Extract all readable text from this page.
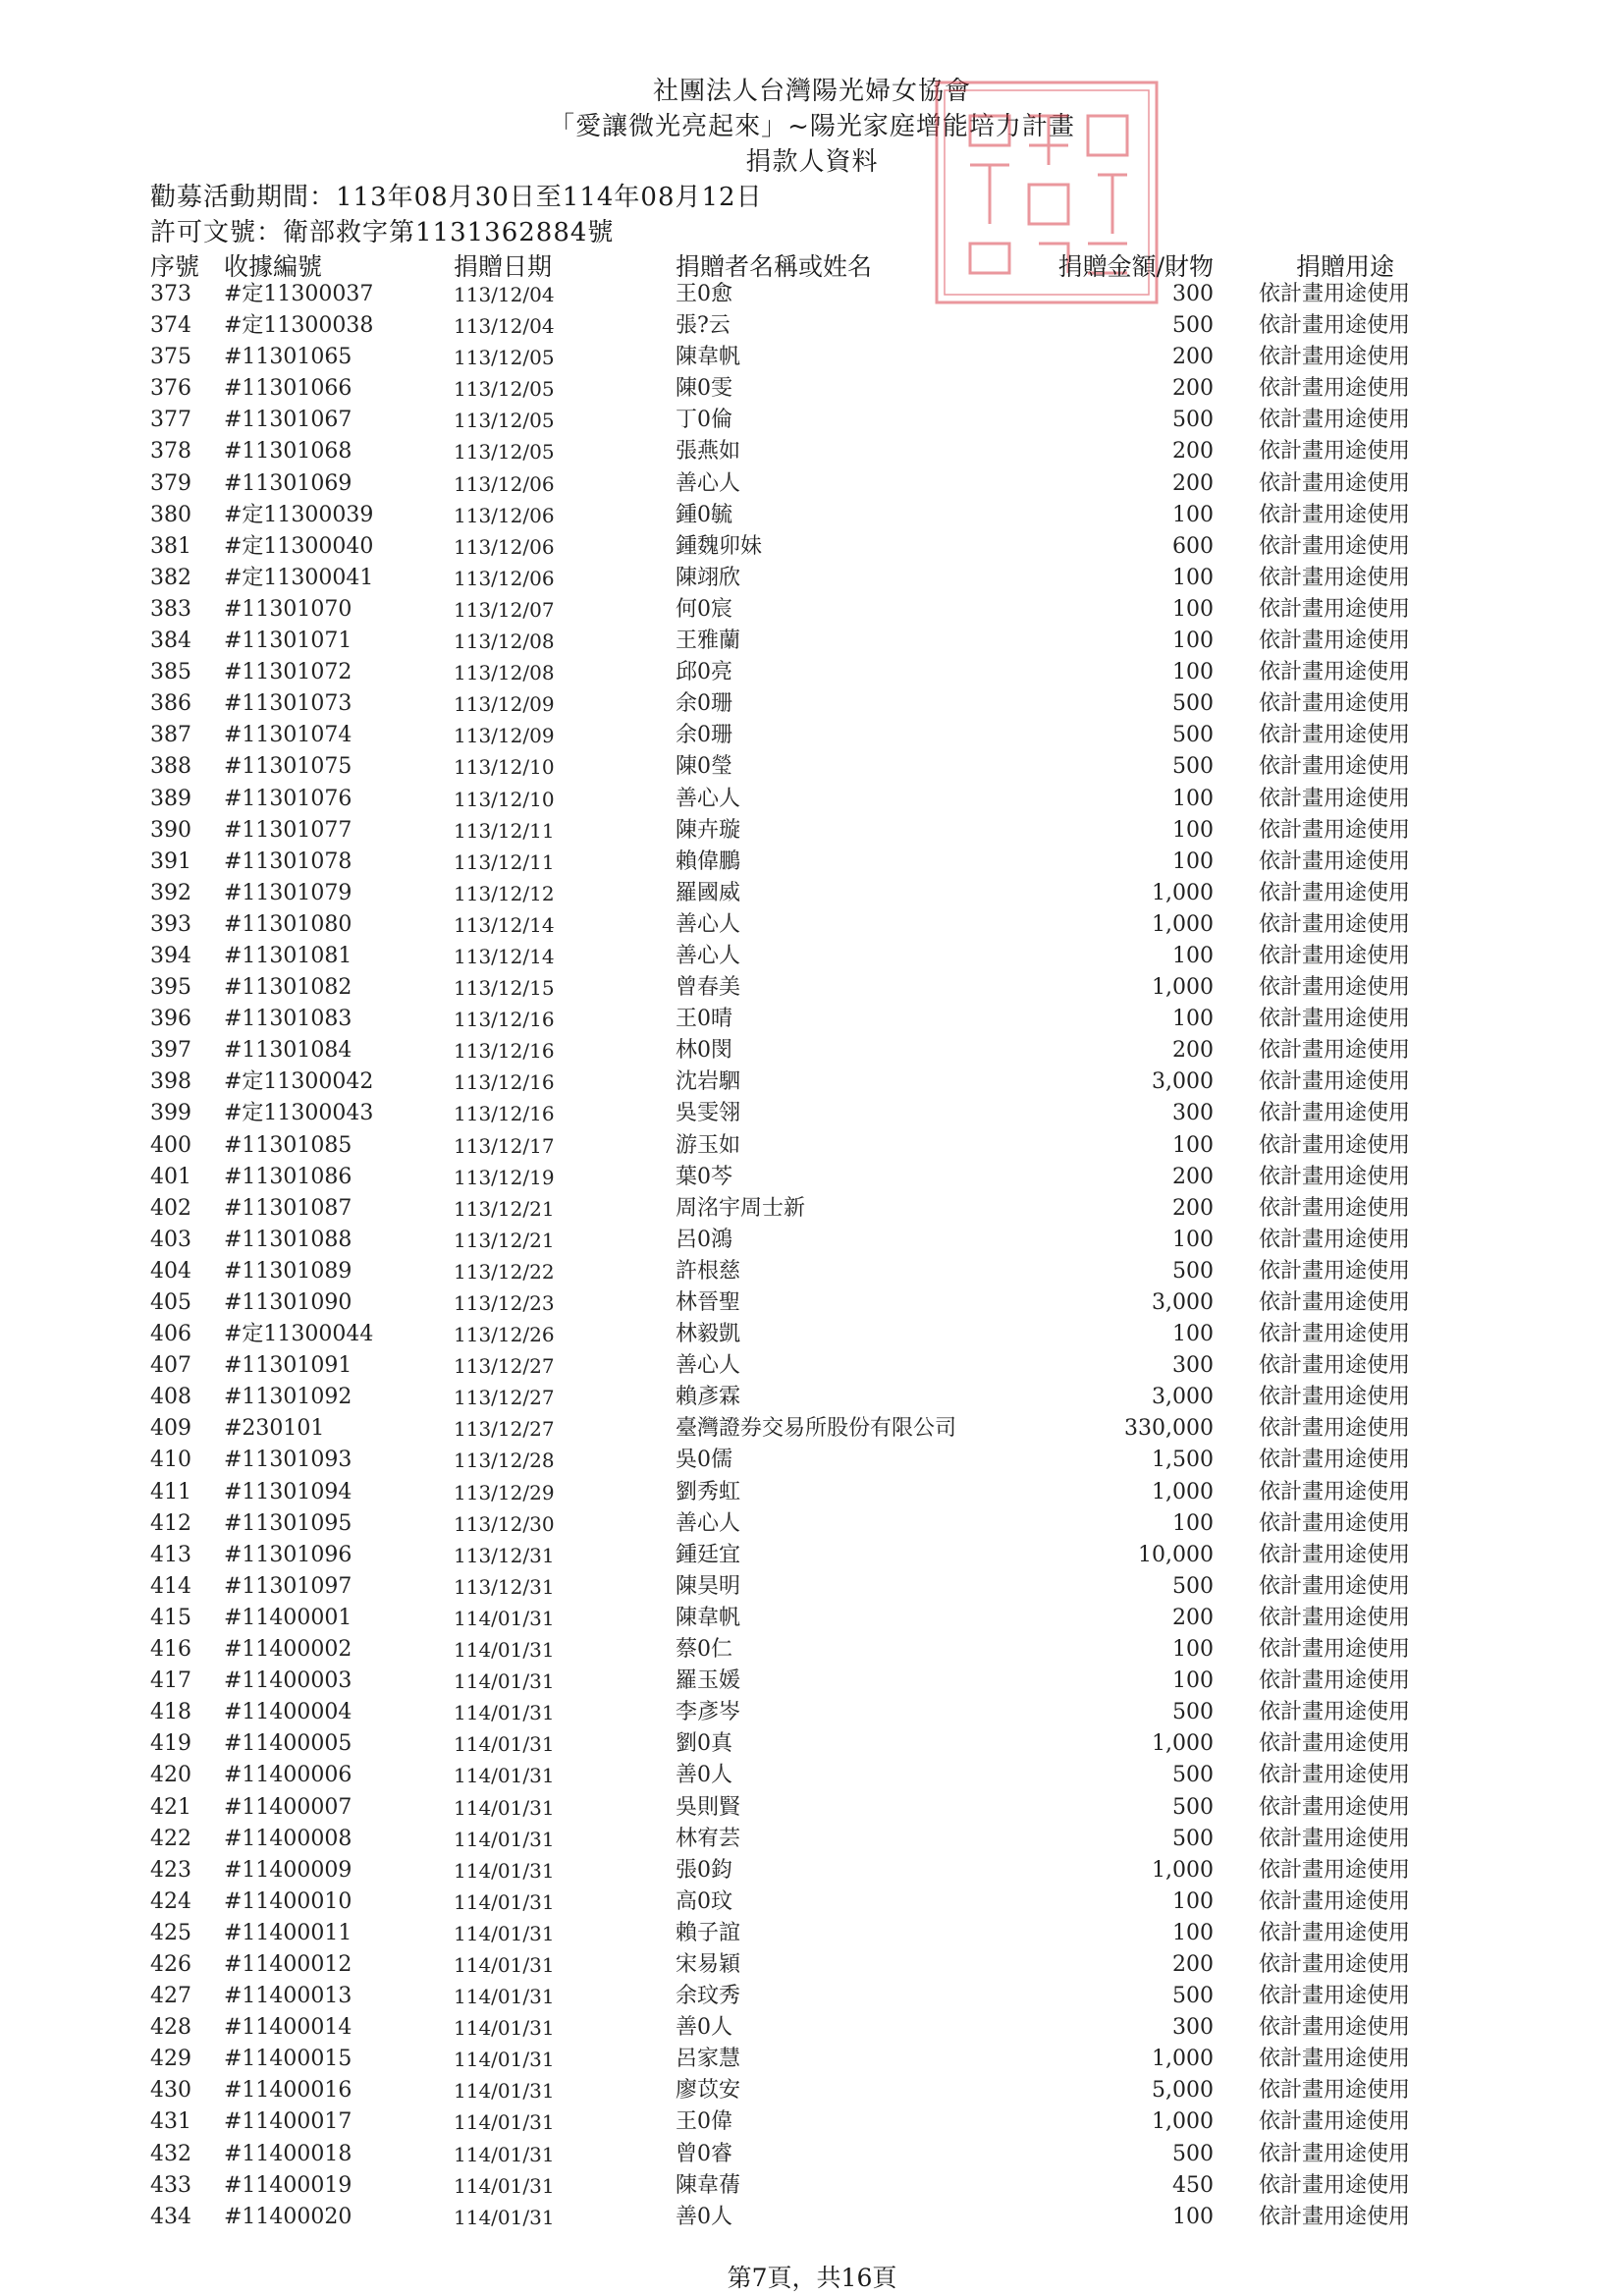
社團法人台灣陽光婦女協會
「愛讓微光亮起來」~陽光家庭增能培力計畫
捐款人資料
勸募活動期間：113年08月30日至114年08月12日
許可文號：衛部救字第1131362884號
序號 收據編號	捐贈日期	捐贈者名稱或姓名	捐贈金額/財物	捐贈用途
373 #定11300037	113/12/04	王0愈	300 依計畫用途使用
374 #定11300038	113/12/04	張?云	500 依計畫用途使用
375 #11301065	113/12/05	陳韋帆	200 依計畫用途使用
376 #11301066	113/12/05	陳0雯	200 依計畫用途使用
377 #11301067	113/12/05	丁0倫	500 依計畫用途使用
378 #11301068	113/12/05	張燕如	200 依計畫用途使用
379 #11301069	113/12/06	善心人	200 依計畫用途使用
380 #定11300039	113/12/06	鍾0毓	100 依計畫用途使用
381 #定11300040	113/12/06	鍾魏卯妹	600 依計畫用途使用
382 #定11300041	113/12/06	陳翊欣	100 依計畫用途使用
383 #11301070	113/12/07	何0宸	100 依計畫用途使用
384 #11301071	113/12/08	王雅蘭	100 依計畫用途使用
385 #11301072	113/12/08	邱0亮	100 依計畫用途使用
386 #11301073	113/12/09	余0珊	500 依計畫用途使用
387 #11301074	113/12/09	余0珊	500 依計畫用途使用
388 #11301075	113/12/10	陳0瑩	500 依計畫用途使用
389 #11301076	113/12/10	善心人	100 依計畫用途使用
390 #11301077	113/12/11	陳卉璇	100 依計畫用途使用
391 #11301078	113/12/11	賴偉鵬	100 依計畫用途使用
392 #11301079	113/12/12	羅國威	1,000 依計畫用途使用
393 #11301080	113/12/14	善心人	1,000 依計畫用途使用
394 #11301081	113/12/14	善心人	100 依計畫用途使用
395 #11301082	113/12/15	曾春美	1,000 依計畫用途使用
396 #11301083	113/12/16	王0晴	100 依計畫用途使用
397 #11301084	113/12/16	林0閔	200 依計畫用途使用
398 #定11300042	113/12/16	沈岩駟	3,000 依計畫用途使用
399 #定11300043	113/12/16	吳雯翎	300 依計畫用途使用
400 #11301085	113/12/17	游玉如	100 依計畫用途使用
401 #11301086	113/12/19	葉0芩	200 依計畫用途使用
402 #11301087	113/12/21	周洺宇周士新	200 依計畫用途使用
403 #11301088	113/12/21	呂0鴻	100 依計畫用途使用
404 #11301089	113/12/22	許根慈	500 依計畫用途使用
405 #11301090	113/12/23	林晉聖	3,000 依計畫用途使用
406 #定11300044	113/12/26	林毅凱	100 依計畫用途使用
407 #11301091	113/12/27	善心人	300 依計畫用途使用
408 #11301092	113/12/27	賴彥霖	3,000 依計畫用途使用
409 #230101	113/12/27	臺灣證券交易所股份有限公司	330,000 依計畫用途使用
410 #11301093	113/12/28	吳0儒	1,500 依計畫用途使用
411 #11301094	113/12/29	劉秀虹	1,000 依計畫用途使用
412 #11301095	113/12/30	善心人	100 依計畫用途使用
413 #11301096	113/12/31	鍾廷宜	10,000 依計畫用途使用
414 #11301097	113/12/31	陳昊明	500 依計畫用途使用
415 #11400001	114/01/31	陳韋帆	200 依計畫用途使用
416 #11400002	114/01/31	蔡0仁	100 依計畫用途使用
417 #11400003	114/01/31	羅玉媛	100 依計畫用途使用
418 #11400004	114/01/31	李彥岑	500 依計畫用途使用
419 #11400005	114/01/31	劉0真	1,000 依計畫用途使用
420 #11400006	114/01/31	善0人	500 依計畫用途使用
421 #11400007	114/01/31	吳則賢	500 依計畫用途使用
422 #11400008	114/01/31	林宥芸	500 依計畫用途使用
423 #11400009	114/01/31	張0鈞	1,000 依計畫用途使用
424 #11400010	114/01/31	高0玟	100 依計畫用途使用
425 #11400011	114/01/31	賴子誼	100 依計畫用途使用
426 #11400012	114/01/31	宋易穎	200 依計畫用途使用
427 #11400013	114/01/31	余玟秀	500 依計畫用途使用
428 #11400014	114/01/31	善0人	300 依計畫用途使用
429 #11400015	114/01/31	呂家慧	1,000 依計畫用途使用
430 #11400016	114/01/31	廖苡安	5,000 依計畫用途使用
431 #11400017	114/01/31	王0偉	1,000 依計畫用途使用
432 #11400018	114/01/31	曾0睿	500 依計畫用途使用
433 #11400019	114/01/31	陳韋蒨	450 依計畫用途使用
434 #11400020	114/01/31	善0人	100 依計畫用途使用
第7頁，共16頁
